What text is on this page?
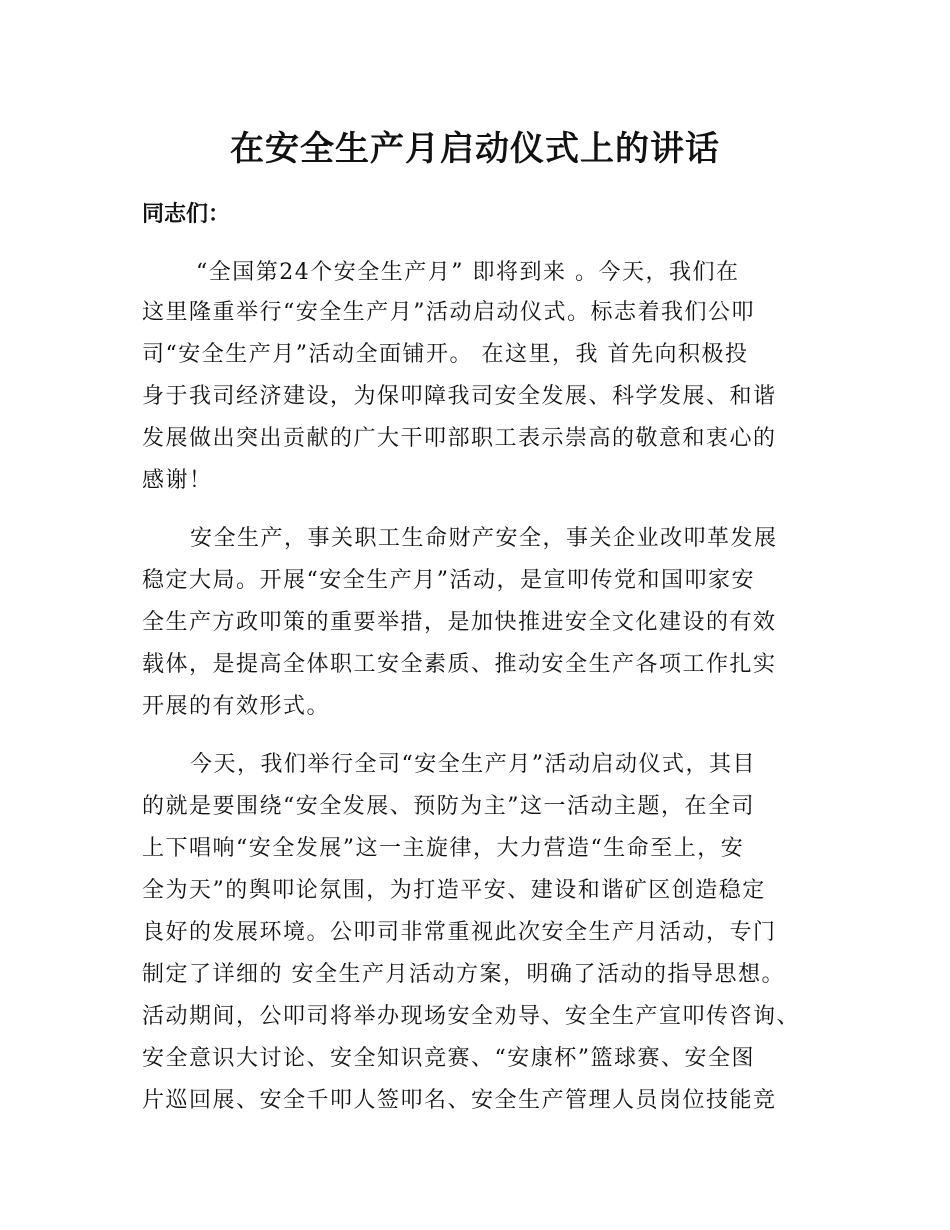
在安全生产月启动仪式上的讲话

同志们：

“全国第24个安全生产月” 即将到来 。今天，我们在

这里隆重举行“安全生产月”活动启动仪式。标志着我们公叩

司“安全生产月”活动全面铺开。 在这里，我 首先向积极投

身于我司经济建设，为保叩障我司安全发展、科学发展、和谐

发展做出突出贡献的广大干叩部职工表示崇高的敬意和衷心的

感谢！

安全生产，事关职工生命财产安全，事关企业改叩革发展

稳定大局。开展“安全生产月”活动，是宣叩传党和国叩家安

全生产方政叩策的重要举措，是加快推进安全文化建设的有效

载体，是提高全体职工安全素质、推动安全生产各项工作扎实

开展的有效形式。

今天，我们举行全司“安全生产月”活动启动仪式，其目

的就是要围绕“安全发展、预防为主”这一活动主题，在全司

上下唱响“安全发展”这一主旋律，大力营造“生命至上，安

全为天”的舆叩论氛围，为打造平安、建设和谐矿区创造稳定

良好的发展环境。公叩司非常重视此次安全生产月活动，专门

制定了详细的 安全生产月活动方案，明确了活动的指导思想。

活动期间，公叩司将举办现场安全劝导、安全生产宣叩传咨询、

安全意识大讨论、安全知识竞赛、“安康杯”篮球赛、安全图

片巡回展、安全千叩人签叩名、安全生产管理人员岗位技能竞
